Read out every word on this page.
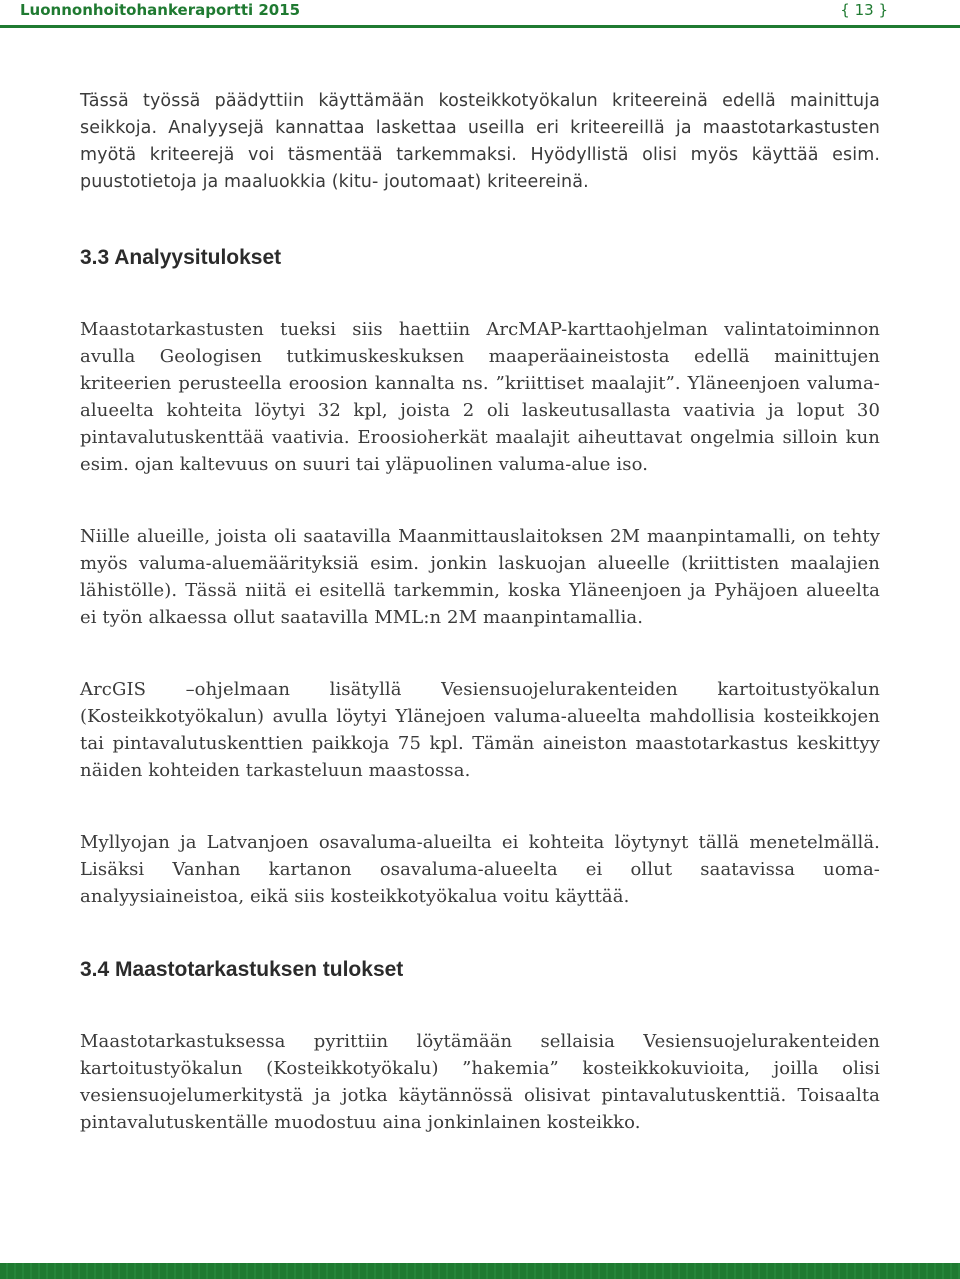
Luonnonhoitohankeraportti 2015	{ 13 }

Tässä työssä päädyttiin käyttämään kosteikkotyökalun kriteereinä edellä mainittuja seikkoja. Analyysejä kannattaa laskettaa useilla eri kriteereillä ja maastotarkastusten myötä kriteerejä voi täsmentää tarkemmaksi. Hyödyllistä olisi myös käyttää esim. puustotietoja ja maaluokkia (kitu- joutomaat) kriteereinä.

3.3 Analyysitulokset

Maastotarkastusten tueksi siis haettiin ArcMAP-karttaohjelman valintatoiminnon avulla Geologisen tutkimuskeskuksen maaperäaineistosta edellä mainittujen kriteerien perusteella eroosion kannalta ns. ”kriittiset maalajit”. Yläneenjoen valuma-alueelta kohteita löytyi 32 kpl, joista 2 oli laskeutusallasta vaativia ja loput 30 pintavalutuskenttää vaativia. Eroosioherkät maalajit aiheuttavat ongelmia silloin kun esim. ojan kaltevuus on suuri tai yläpuolinen valuma-alue iso.

Niille alueille, joista oli saatavilla Maanmittauslaitoksen 2M maanpintamalli, on tehty myös valuma-aluemäärityksiä esim. jonkin laskuojan alueelle (kriittisten maalajien lähistölle). Tässä niitä ei esitellä tarkemmin, koska Yläneenjoen ja Pyhäjoen alueelta ei työn alkaessa ollut saatavilla MML:n 2M maanpintamallia.

ArcGIS –ohjelmaan lisätyllä Vesiensuojelurakenteiden kartoitustyökalun (Kosteikkotyökalun) avulla löytyi Ylänejoen valuma-alueelta mahdollisia kosteikkojen tai pintavalutuskenttien paikkoja 75 kpl. Tämän aineiston maastotarkastus keskittyy näiden kohteiden tarkasteluun maastossa.

Myllyojan ja Latvanjoen osavaluma-alueilta ei kohteita löytynyt tällä menetelmällä. Lisäksi Vanhan kartanon osavaluma-alueelta ei ollut saatavissa uoma-analyysiaineistoa, eikä siis kosteikkotyökalua voitu käyttää.

3.4 Maastotarkastuksen tulokset

Maastotarkastuksessa pyrittiin löytämään sellaisia Vesiensuojelurakenteiden kartoitustyökalun (Kosteikkotyökalu) ”hakemia” kosteikkokuvioita, joilla olisi vesiensuojelumerkitystä ja jotka käytännössä olisivat pintavalutuskenttiä. Toisaalta pintavalutuskentälle muodostuu aina jonkinlainen kosteikko.
